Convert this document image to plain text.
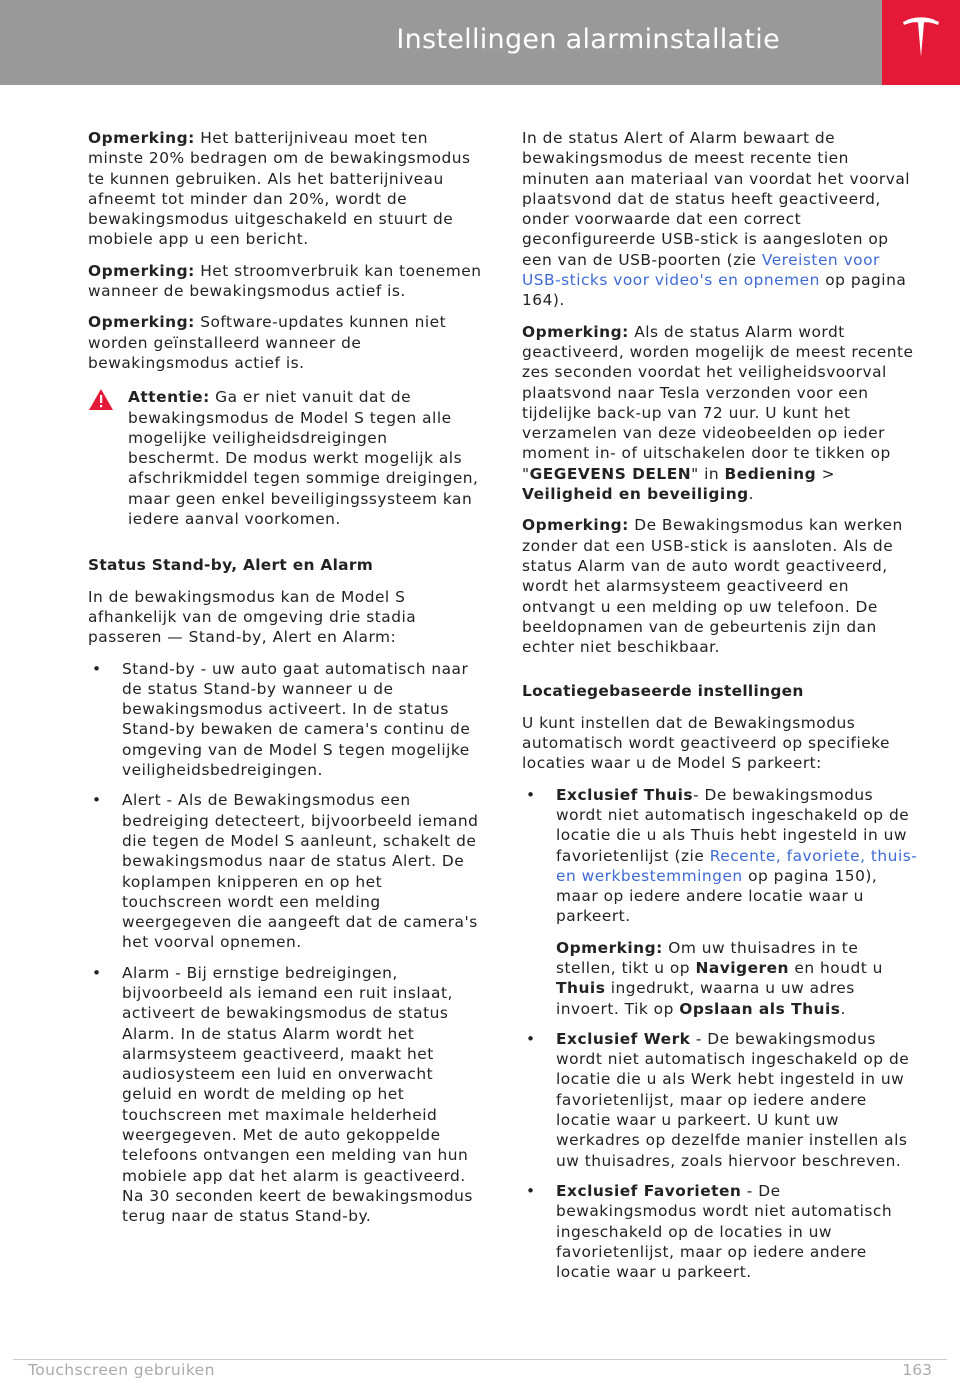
Instellingen alarminstallatie

Opmerking: Het batterijniveau moet ten minste 20% bedragen om de bewakingsmodus te kunnen gebruiken. Als het batterijniveau afneemt tot minder dan 20%, wordt de bewakingsmodus uitgeschakeld en stuurt de mobiele app u een bericht.

Opmerking: Het stroomverbruik kan toenemen wanneer de bewakingsmodus actief is.

Opmerking: Software-updates kunnen niet worden geïnstalleerd wanneer de bewakingsmodus actief is.

Attentie: Ga er niet vanuit dat de bewakingsmodus de Model S tegen alle mogelijke veiligheidsdreigingen beschermt. De modus werkt mogelijk als afschrikmiddel tegen sommige dreigingen, maar geen enkel beveiligingssysteem kan iedere aanval voorkomen.
Status Stand-by, Alert en Alarm

In de bewakingsmodus kan de Model S afhankelijk van de omgeving drie stadia passeren — Stand-by, Alert en Alarm:

• Stand-by - uw auto gaat automatisch naar de status Stand-by wanneer u de bewakingsmodus activeert. In de status Stand-by bewaken de camera's continu de omgeving van de Model S tegen mogelijke veiligheidsbedreigingen.
• Alert - Als de Bewakingsmodus een bedreiging detecteert, bijvoorbeeld iemand die tegen de Model S aanleunt, schakelt de bewakingsmodus naar de status Alert. De koplampen knipperen en op het touchscreen wordt een melding weergegeven die aangeeft dat de camera's het voorval opnemen.
• Alarm - Bij ernstige bedreigingen, bijvoorbeeld als iemand een ruit inslaat, activeert de bewakingsmodus de status Alarm. In de status Alarm wordt het alarmsysteem geactiveerd, maakt het audiosysteem een luid en onverwacht geluid en wordt de melding op het touchscreen met maximale helderheid weergegeven. Met de auto gekoppelde telefoons ontvangen een melding van hun mobiele app dat het alarm is geactiveerd. Na 30 seconden keert de bewakingsmodus terug naar de status Stand-by.

In de status Alert of Alarm bewaart de bewakingsmodus de meest recente tien minuten aan materiaal van voordat het voorval plaatsvond dat de status heeft geactiveerd, onder voorwaarde dat een correct geconfigureerde USB-stick is aangesloten op een van de USB-poorten (zie Vereisten voor USB-sticks voor video's en opnemen op pagina 164).

Opmerking: Als de status Alarm wordt geactiveerd, worden mogelijk de meest recente zes seconden voordat het veiligheidsvoorval plaatsvond naar Tesla verzonden voor een tijdelijke back-up van 72 uur. U kunt het verzamelen van deze videobeelden op ieder moment in- of uitschakelen door te tikken op "GEGEVENS DELEN" in Bediening > Veiligheid en beveiliging.

Opmerking: De Bewakingsmodus kan werken zonder dat een USB-stick is aansloten. Als de status Alarm van de auto wordt geactiveerd, wordt het alarmsysteem geactiveerd en ontvangt u een melding op uw telefoon. De beeldopnamen van de gebeurtenis zijn dan echter niet beschikbaar.

Locatiegebaseerde instellingen

U kunt instellen dat de Bewakingsmodus automatisch wordt geactiveerd op specifieke locaties waar u de Model S parkeert:

• Exclusief Thuis- De bewakingsmodus wordt niet automatisch ingeschakeld op de locatie die u als Thuis hebt ingesteld in uw favorietenlijst (zie Recente, favoriete, thuis- en werkbestemmingen op pagina 150), maar op iedere andere locatie waar u parkeert.
Opmerking: Om uw thuisadres in te stellen, tikt u op Navigeren en houdt u Thuis ingedrukt, waarna u uw adres invoert. Tik op Opslaan als Thuis.
• Exclusief Werk - De bewakingsmodus wordt niet automatisch ingeschakeld op de locatie die u als Werk hebt ingesteld in uw favorietenlijst, maar op iedere andere locatie waar u parkeert. U kunt uw werkadres op dezelfde manier instellen als uw thuisadres, zoals hiervoor beschreven.
• Exclusief Favorieten - De bewakingsmodus wordt niet automatisch ingeschakeld op de locaties in uw favorietenlijst, maar op iedere andere locatie waar u parkeert.
Touchscreen gebruiken	163
